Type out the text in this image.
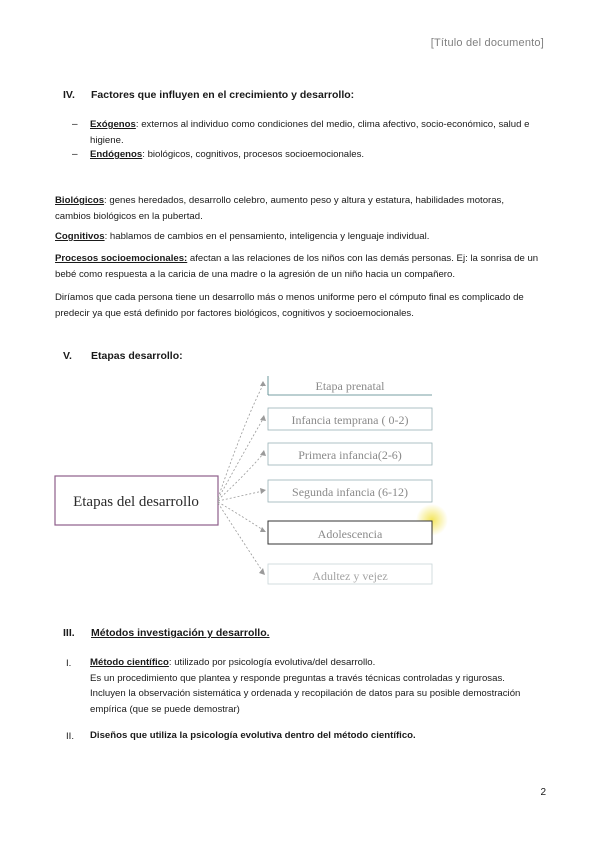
[Título del documento]
IV. Factores que influyen en el crecimiento y desarrollo:
– Exógenos: externos al individuo como condiciones del medio, clima afectivo, socio-económico, salud e
higiene.
– Endógenos: biológicos, cognitivos, procesos socioemocionales.
Biológicos: genes heredados, desarrollo celebro, aumento peso y altura y estatura, habilidades motoras,
cambios biológicos en la pubertad.
Cognitivos: hablamos de cambios en el pensamiento, inteligencia y lenguaje individual.
Procesos socioemocionales: afectan a las relaciones de los niños con las demás personas. Ej: la sonrisa de un
bebé como respuesta a la caricia de una madre o la agresión de un niño hacia un compañero.
Diríamos que cada persona tiene un desarrollo más o menos uniforme pero el cómputo final es complicado de
predecir ya que está definido por factores biológicos, cognitivos y socioemocionales.
V. Etapas desarrollo:
Etapas del desarrollo
Etapa prenatal
Infancia temprana ( 0-2)
Primera infancia(2-6)
Segunda infancia (6-12)
Adolescencia
Adultez y vejez
III. Métodos investigación y desarrollo.
I. Método científico: utilizado por psicología evolutiva/del desarrollo.
Es un procedimiento que plantea y responde preguntas a través técnicas controladas y rigurosas.
Incluyen la observación sistemática y ordenada y recopilación de datos para su posible demostración
empírica (que se puede demostrar)
II. Diseños que utiliza la psicología evolutiva dentro del método científico.
2
